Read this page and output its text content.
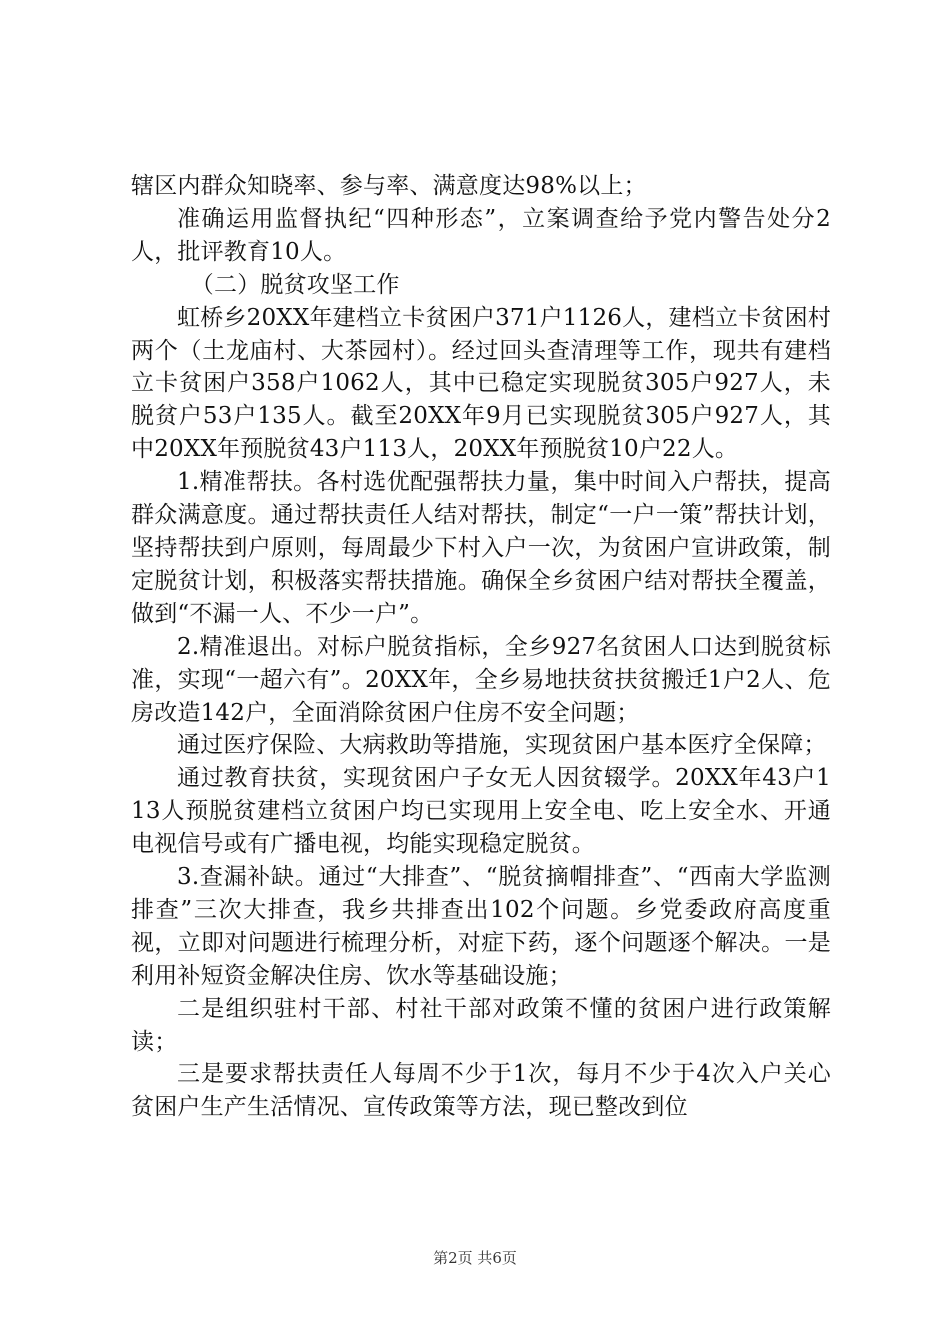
辖区内群众知晓率、参与率、满意度达98%以上；

准确运用监督执纪“四种形态”，立案调查给予党内警告处分2人，批评教育10人。

（二）脱贫攻坚工作

虹桥乡20XX年建档立卡贫困户371户1126人，建档立卡贫困村两个（土龙庙村、大茶园村）。经过回头查清理等工作，现共有建档立卡贫困户358户1062人，其中已稳定实现脱贫305户927人，未脱贫户53户135人。截至20XX年9月已实现脱贫305户927人，其中20XX年预脱贫43户113人，20XX年预脱贫10户22人。

1.精准帮扶。各村选优配强帮扶力量，集中时间入户帮扶，提高群众满意度。通过帮扶责任人结对帮扶，制定“一户一策”帮扶计划，坚持帮扶到户原则，每周最少下村入户一次，为贫困户宣讲政策，制定脱贫计划，积极落实帮扶措施。确保全乡贫困户结对帮扶全覆盖，做到“不漏一人、不少一户”。

2.精准退出。对标户脱贫指标，全乡927名贫困人口达到脱贫标准，实现“一超六有”。20XX年，全乡易地扶贫扶贫搬迁1户2人、危房改造142户，全面消除贫困户住房不安全问题；

通过医疗保险、大病救助等措施，实现贫困户基本医疗全保障；

通过教育扶贫，实现贫困户子女无人因贫辍学。20XX年43户113人预脱贫建档立贫困户均已实现用上安全电、吃上安全水、开通电视信号或有广播电视，均能实现稳定脱贫。

3.查漏补缺。通过“大排查”、“脱贫摘帽排查”、“西南大学监测排查”三次大排查，我乡共排查出102个问题。乡党委政府高度重视，立即对问题进行梳理分析，对症下药，逐个问题逐个解决。一是利用补短资金解决住房、饮水等基础设施；

二是组织驻村干部、村社干部对政策不懂的贫困户进行政策解读；

三是要求帮扶责任人每周不少于1次，每月不少于4次入户关心贫困户生产生活情况、宣传政策等方法，现已整改到位

第2页 共6页
